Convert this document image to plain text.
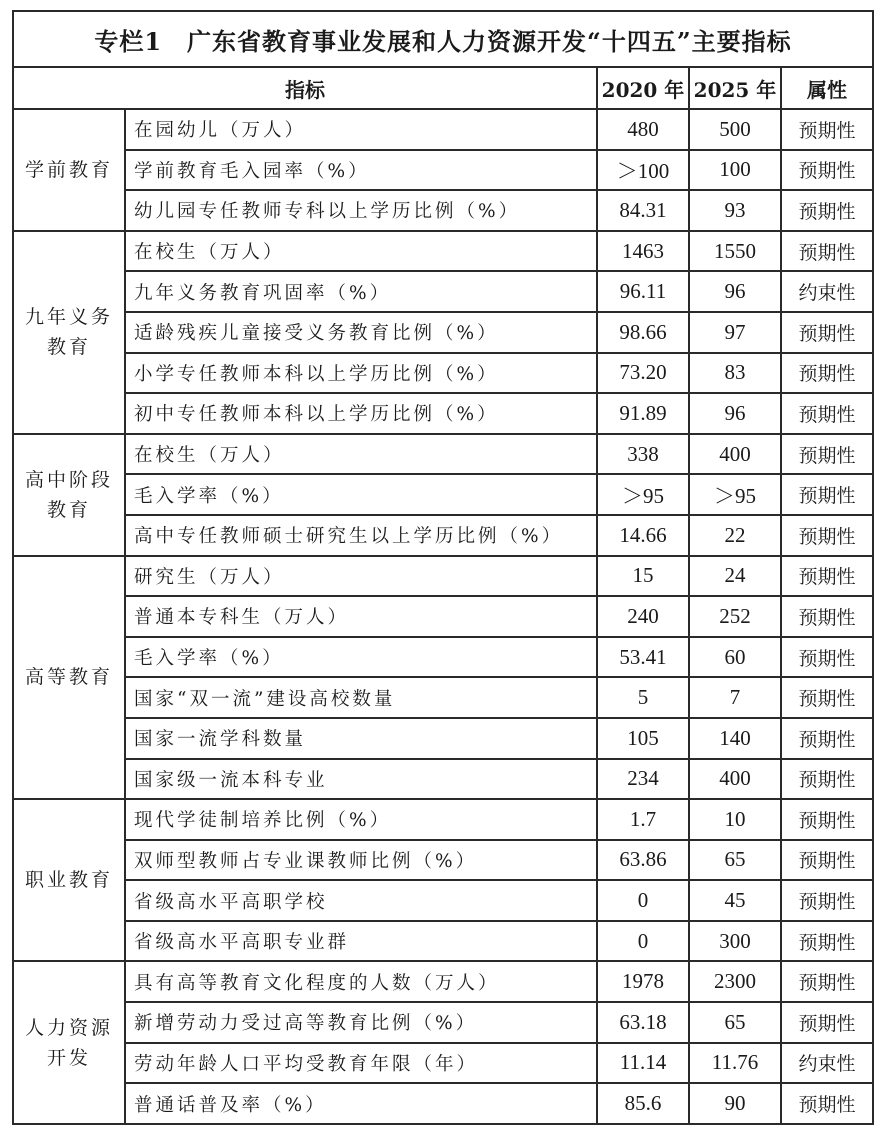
专栏1　广东省教育事业发展和人力资源开发“十四五”主要指标				
指标		2020 年	2025 年	属性
学前教育	在园幼儿（万人）	480	500	预期性
	学前教育毛入园率（%）	＞100	100	预期性
	幼儿园专任教师专科以上学历比例（%）	84.31	93	预期性
九年义务教育	在校生（万人）	1463	1550	预期性
	九年义务教育巩固率（%）	96.11	96	约束性
	适龄残疾儿童接受义务教育比例（%）	98.66	97	预期性
	小学专任教师本科以上学历比例（%）	73.20	83	预期性
	初中专任教师本科以上学历比例（%）	91.89	96	预期性
高中阶段教育	在校生（万人）	338	400	预期性
	毛入学率（%）	＞95	＞95	预期性
	高中专任教师硕士研究生以上学历比例（%）	14.66	22	预期性
高等教育	研究生（万人）	15	24	预期性
	普通本专科生（万人）	240	252	预期性
	毛入学率（%）	53.41	60	预期性
	国家“双一流”建设高校数量	5	7	预期性
	国家一流学科数量	105	140	预期性
	国家级一流本科专业	234	400	预期性
职业教育	现代学徒制培养比例（%）	1.7	10	预期性
	双师型教师占专业课教师比例（%）	63.86	65	预期性
	省级高水平高职学校	0	45	预期性
	省级高水平高职专业群	0	300	预期性
人力资源开发	具有高等教育文化程度的人数（万人）	1978	2300	预期性
	新增劳动力受过高等教育比例（%）	63.18	65	预期性
	劳动年龄人口平均受教育年限（年）	11.14	11.76	约束性
	普通话普及率（%）	85.6	90	预期性
